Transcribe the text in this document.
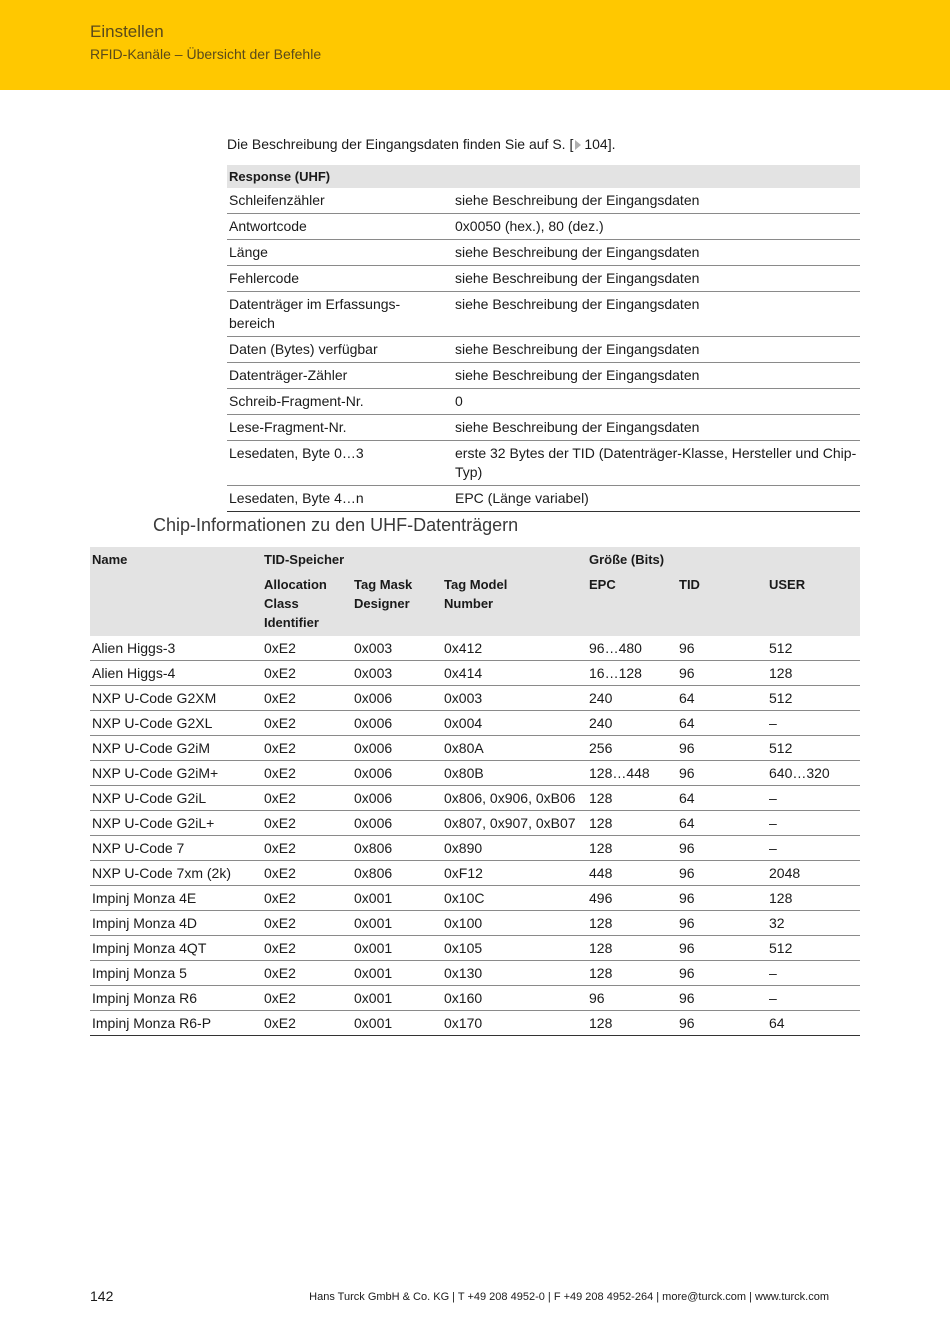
Einstellen
RFID-Kanäle – Übersicht der Befehle
Die Beschreibung der Eingangsdaten finden Sie auf S. [ 104].
Response (UHF)	
Schleifenzähler	siehe Beschreibung der Eingangsdaten
Antwortcode	0x0050 (hex.), 80 (dez.)
Länge	siehe Beschreibung der Eingangsdaten
Fehlercode	siehe Beschreibung der Eingangsdaten
Datenträger im Erfassungs-
bereich	siehe Beschreibung der Eingangsdaten
Daten (Bytes) verfügbar	siehe Beschreibung der Eingangsdaten
Datenträger-Zähler	siehe Beschreibung der Eingangsdaten
Schreib-Fragment-Nr.	0
Lese-Fragment-Nr.	siehe Beschreibung der Eingangsdaten
Lesedaten, Byte 0…3	erste 32 Bytes der TID (Datenträger-Klasse, Hersteller und Chip-Typ)
Lesedaten, Byte 4…n	EPC (Länge variabel)
Chip-Informationen zu den UHF-Datenträgern
Name	TID-Speicher			Größe (Bits)		
	Allocation Class Identifier	Tag Mask Designer	Tag Model Number	EPC	TID	USER
Alien Higgs-3	0xE2	0x003	0x412	96…480	96	512
Alien Higgs-4	0xE2	0x003	0x414	16…128	96	128
NXP U-Code G2XM	0xE2	0x006	0x003	240	64	512
NXP U-Code G2XL	0xE2	0x006	0x004	240	64	–
NXP U-Code G2iM	0xE2	0x006	0x80A	256	96	512
NXP U-Code G2iM+	0xE2	0x006	0x80B	128…448	96	640…320
NXP U-Code G2iL	0xE2	0x006	0x806, 0x906, 0xB06	128	64	–
NXP U-Code G2iL+	0xE2	0x006	0x807, 0x907, 0xB07	128	64	–
NXP U-Code 7	0xE2	0x806	0x890	128	96	–
NXP U-Code 7xm (2k)	0xE2	0x806	0xF12	448	96	2048
Impinj Monza 4E	0xE2	0x001	0x10C	496	96	128
Impinj Monza 4D	0xE2	0x001	0x100	128	96	32
Impinj Monza 4QT	0xE2	0x001	0x105	128	96	512
Impinj Monza 5	0xE2	0x001	0x130	128	96	–
Impinj Monza R6	0xE2	0x001	0x160	96	96	–
Impinj Monza R6-P	0xE2	0x001	0x170	128	96	64
142	Hans Turck GmbH & Co. KG | T +49 208 4952-0 | F +49 208 4952-264 | more@turck.com | www.turck.com
